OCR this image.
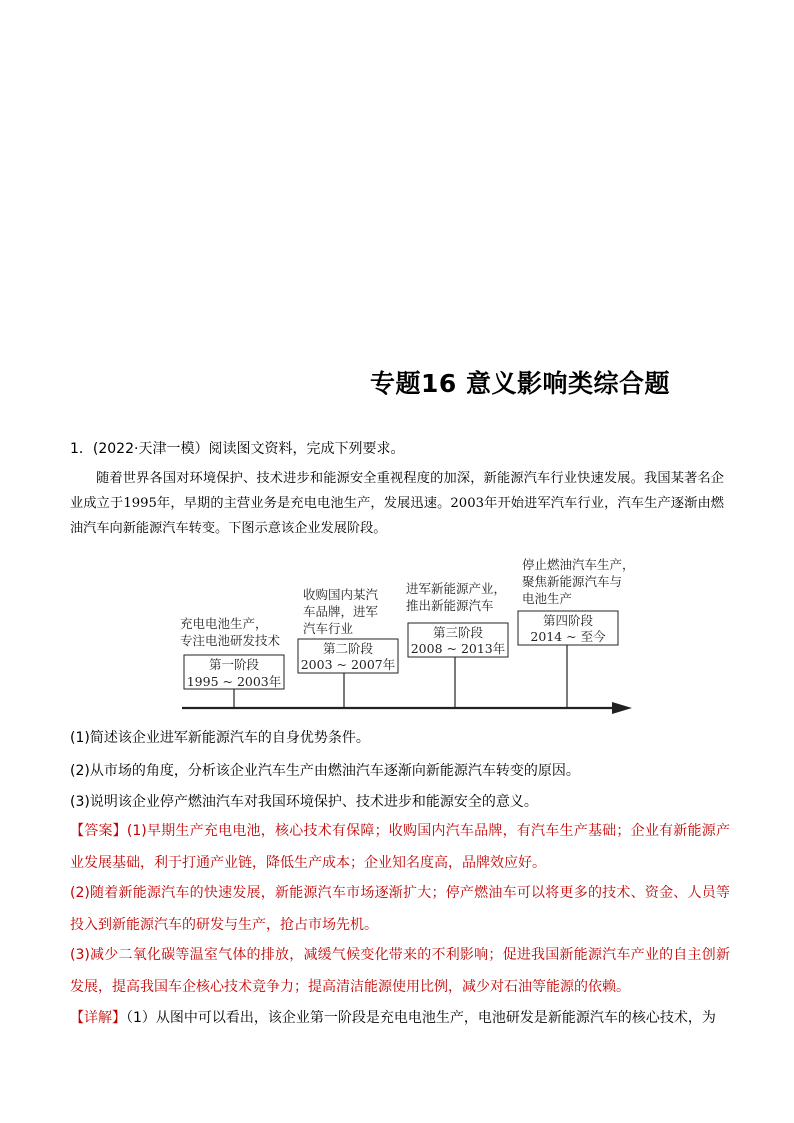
专题16 意义影响类综合题
1．(2022·天津一模）阅读图文资料，完成下列要求。
随着世界各国对环境保护、技术进步和能源安全重视程度的加深，新能源汽车行业快速发展。我国某著名企业成立于1995年，早期的主营业务是充电电池生产，发展迅速。2003年开始进军汽车行业，汽车生产逐渐由燃油汽车向新能源汽车转变。下图示意该企业发展阶段。
充电电池生产，
专注电池研发技术
第一阶段
1995 ~ 2003年
收购国内某汽
车品牌，进军
汽车行业
第二阶段
2003 ~ 2007年
进军新能源产业，
推出新能源汽车
第三阶段
2008 ~ 2013年
停止燃油汽车生产，
聚焦新能源汽车与
电池生产
第四阶段
2014 ~ 至今
(1)简述该企业进军新能源汽车的自身优势条件。
(2)从市场的角度，分析该企业汽车生产由燃油汽车逐渐向新能源汽车转变的原因。
(3)说明该企业停产燃油汽车对我国环境保护、技术进步和能源安全的意义。
【答案】(1)早期生产充电电池，核心技术有保障；收购国内汽车品牌，有汽车生产基础；企业有新能源产业发展基础，利于打通产业链，降低生产成本；企业知名度高，品牌效应好。
(2)随着新能源汽车的快速发展，新能源汽车市场逐渐扩大；停产燃油车可以将更多的技术、资金、人员等投入到新能源汽车的研发与生产，抢占市场先机。
(3)减少二氧化碳等温室气体的排放，减缓气候变化带来的不利影响；促进我国新能源汽车产业的自主创新发展，提高我国车企核心技术竞争力；提高清洁能源使用比例，减少对石油等能源的依赖。
【详解】（1）从图中可以看出，该企业第一阶段是充电电池生产，电池研发是新能源汽车的核心技术，为
